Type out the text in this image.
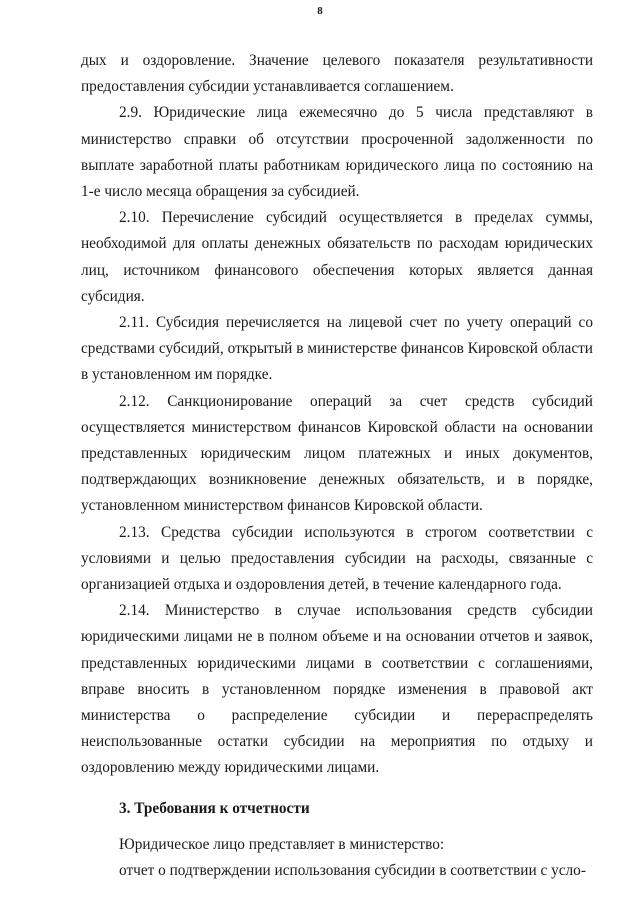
8

дых и оздоровление. Значение целевого показателя результативности предоставления субсидии устанавливается соглашением.

2.9. Юридические лица ежемесячно до 5 числа представляют в министерство справки об отсутствии просроченной задолженности по выплате заработной платы работникам юридического лица по состоянию на 1-е число месяца обращения за субсидией.

2.10. Перечисление субсидий осуществляется в пределах суммы, необходимой для оплаты денежных обязательств по расходам юридических лиц, источником финансового обеспечения которых является данная субсидия.

2.11. Субсидия перечисляется на лицевой счет по учету операций со средствами субсидий, открытый в министерстве финансов Кировской области в установленном им порядке.

2.12. Санкционирование операций за счет средств субсидий осуществляется министерством финансов Кировской области на основании представленных юридическим лицом платежных и иных документов, подтверждающих возникновение денежных обязательств, и в порядке, установленном министерством финансов Кировской области.

2.13. Средства субсидии используются в строгом соответствии с условиями и целью предоставления субсидии на расходы, связанные с организацией отдыха и оздоровления детей, в течение календарного года.

2.14. Министерство в случае использования средств субсидии юридическими лицами не в полном объеме и на основании отчетов и заявок, представленных юридическими лицами в соответствии с соглашениями, вправе вносить в установленном порядке изменения в правовой акт министерства о распределение субсидии и перераспределять неиспользованные остатки субсидии на мероприятия по отдыху и оздоровлению между юридическими лицами.

3. Требования к отчетности

Юридическое лицо представляет в министерство:

отчет о подтверждении использования субсидии в соответствии с усло-
